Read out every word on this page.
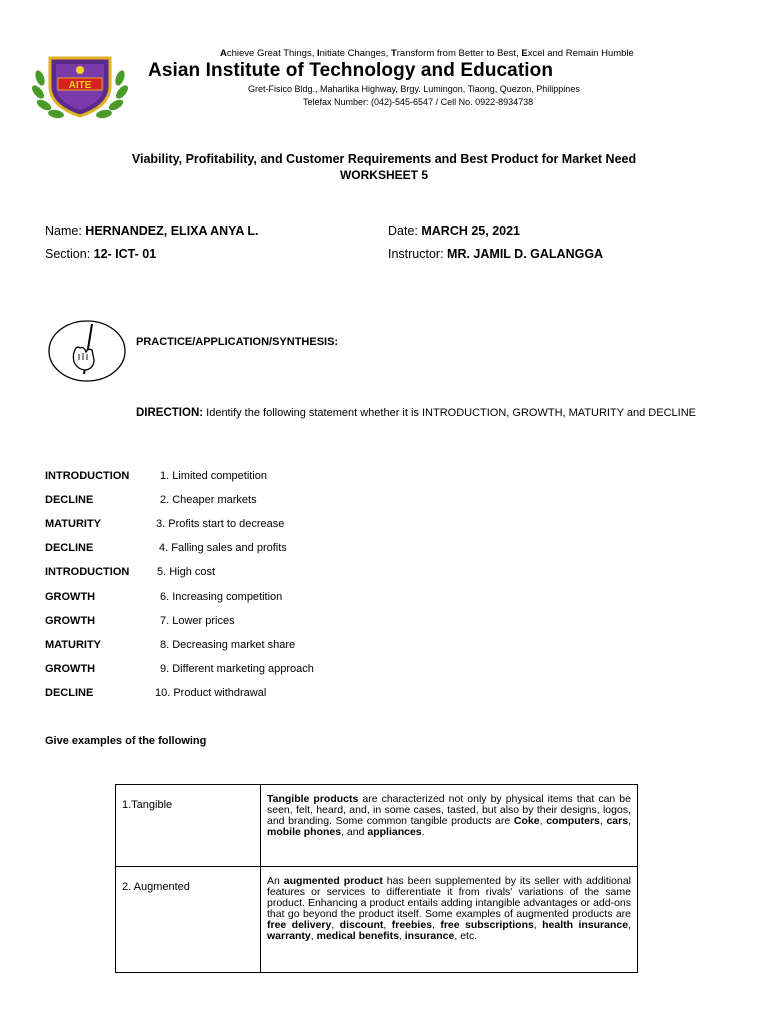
AITE
Achieve Great Things, Initiate Changes, Transform from Better to Best, Excel and Remain Humble
Asian Institute of Technology and Education
Gret-Fisico Bldg., Maharlika Highway, Brgy. Lumingon, Tiaong, Quezon, Philippines
Telefax Number: (042)-545-6547 / Cell No. 0922-8934738
Viability, Profitability, and Customer Requirements and Best Product for Market Need
WORKSHEET 5
Name: HERNANDEZ, ELIXA ANYA L.	Date: MARCH 25, 2021
Section: 12- ICT- 01	Instructor: MR. JAMIL D. GALANGGA
PRACTICE/APPLICATION/SYNTHESIS:
DIRECTION: Identify the following statement whether it is INTRODUCTION, GROWTH, MATURITY and DECLINE
INTRODUCTION	1. Limited competition
DECLINE	2. Cheaper markets
MATURITY	3. Profits start to decrease
DECLINE	4. Falling sales and profits
INTRODUCTION	5. High cost
GROWTH	6. Increasing competition
GROWTH	7. Lower prices
MATURITY	8. Decreasing market share
GROWTH	9. Different marketing approach
DECLINE	10. Product withdrawal
Give examples of the following
1.Tangible	Tangible products are characterized not only by physical items that can be seen, felt, heard, and, in some cases, tasted, but also by their designs, logos, and branding. Some common tangible products are Coke, computers, cars, mobile phones, and appliances.
2. Augmented	An augmented product has been supplemented by its seller with additional features or services to differentiate it from rivals' variations of the same product. Enhancing a product entails adding intangible advantages or add-ons that go beyond the product itself. Some examples of augmented products are free delivery, discount, freebies, free subscriptions, health insurance, warranty, medical benefits, insurance, etc.
